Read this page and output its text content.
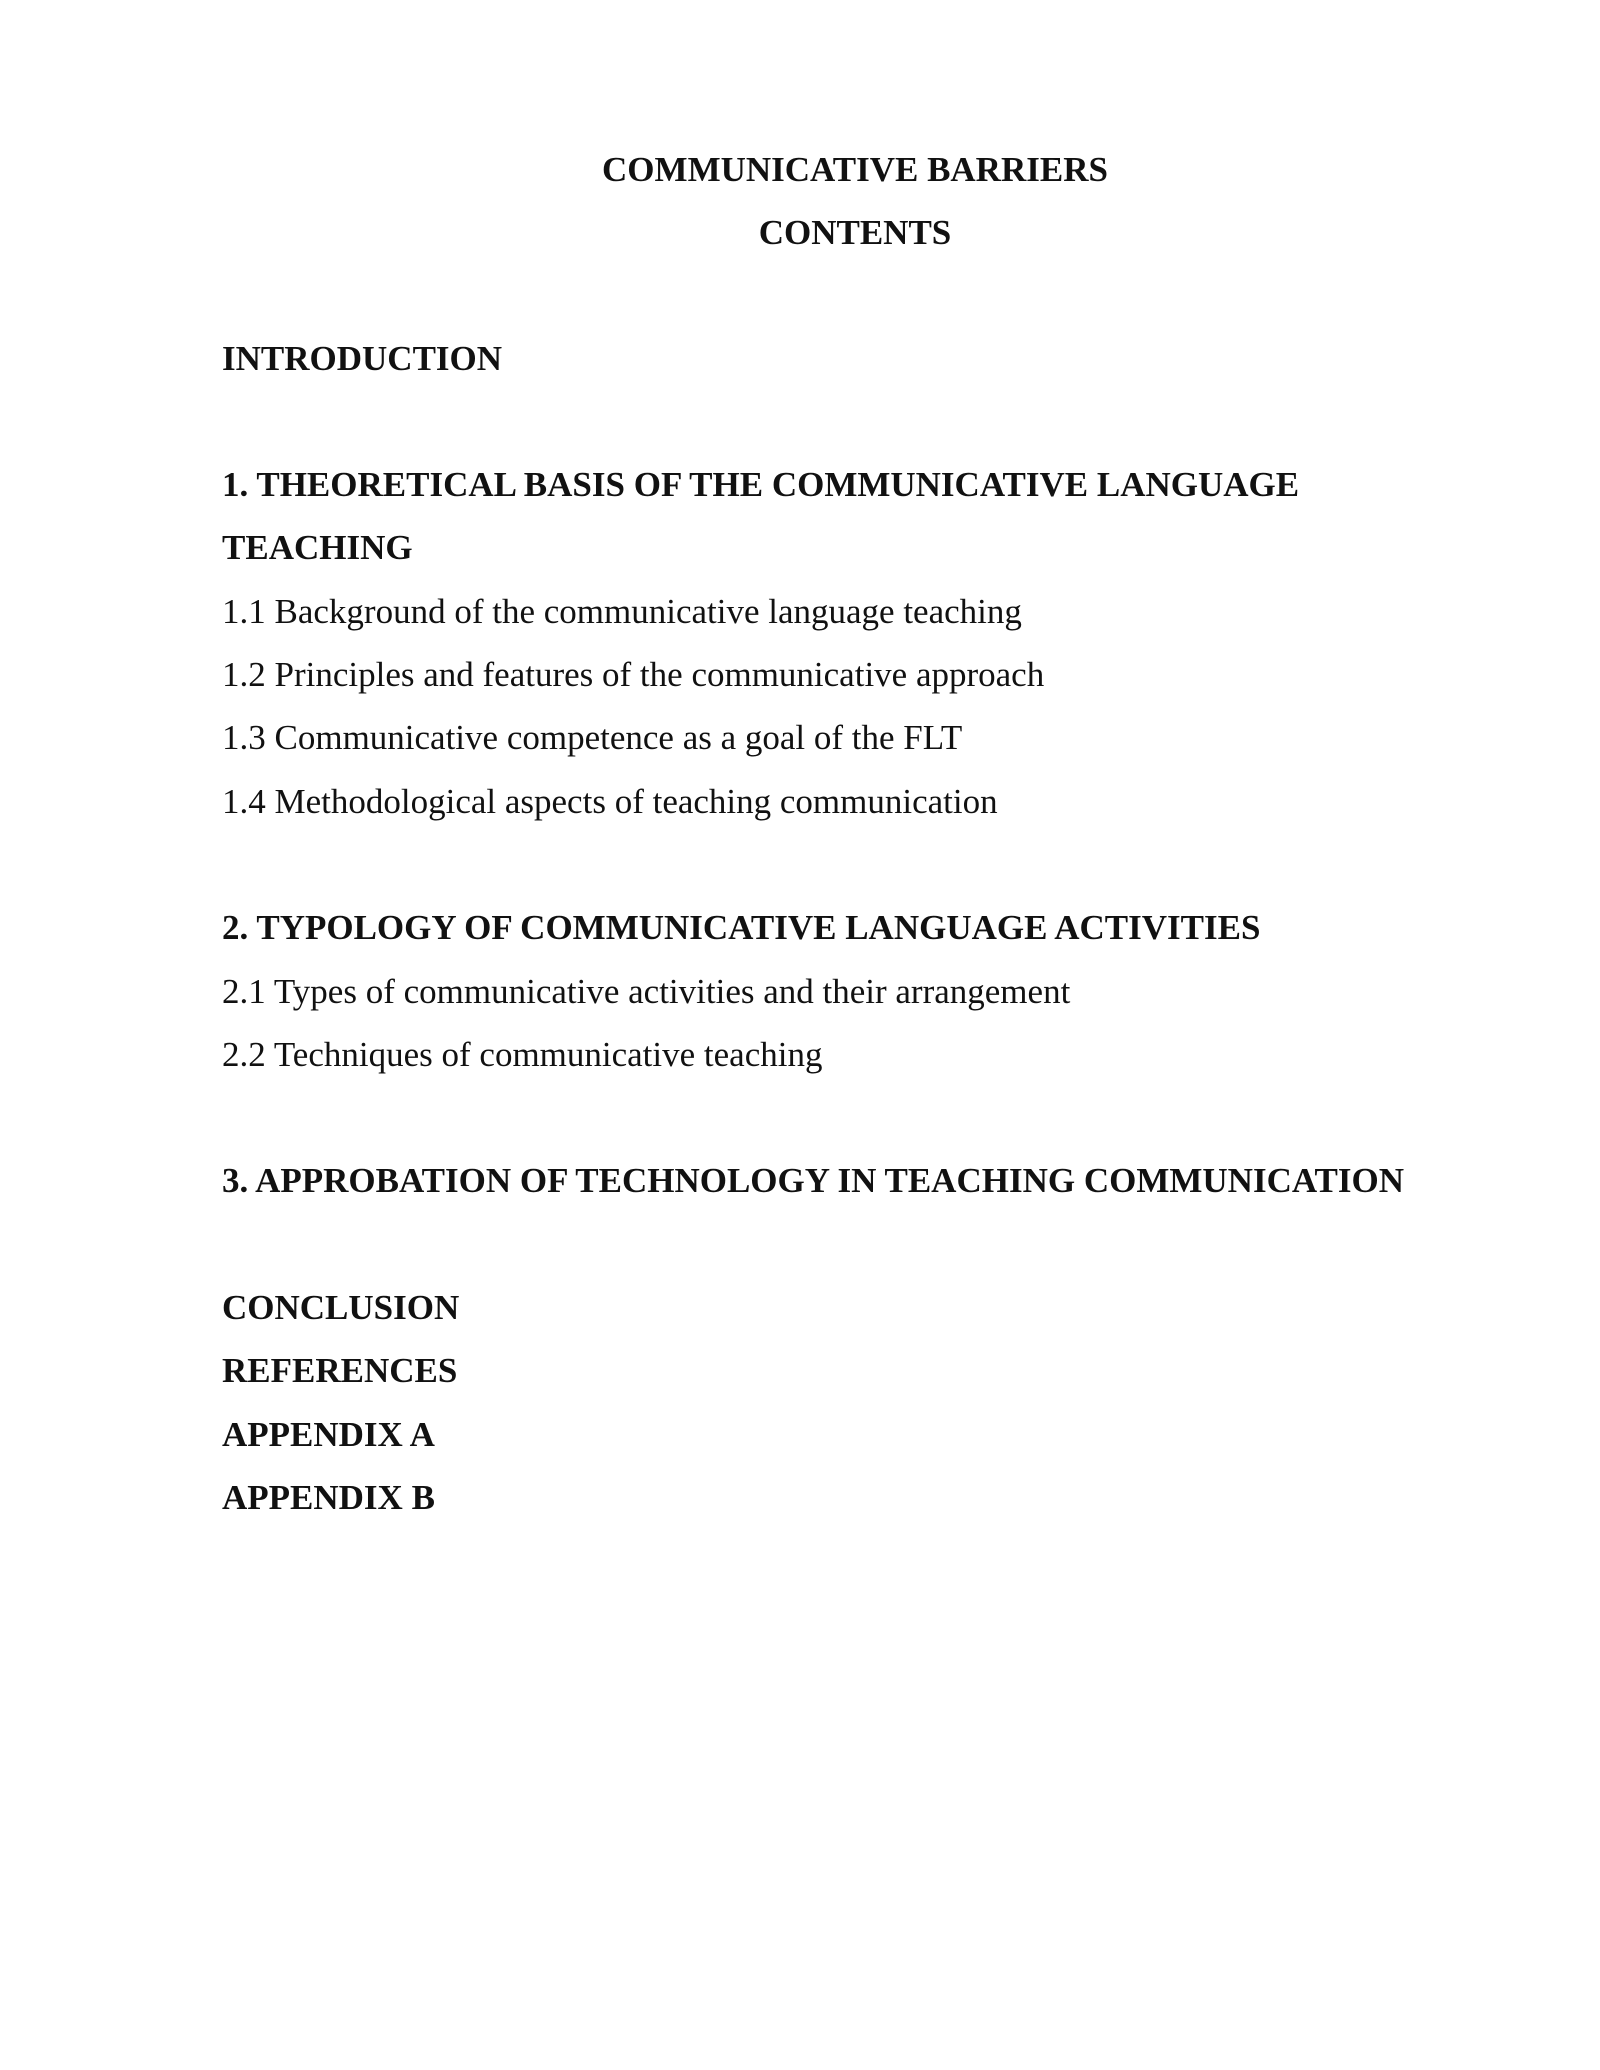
COMMUNICATIVE BARRIERS
CONTENTS
INTRODUCTION
1. THEORETICAL BASIS OF THE COMMUNICATIVE LANGUAGE
TEACHING
1.1 Background of the communicative language teaching
1.2 Principles and features of the communicative approach
1.3 Communicative competence as a goal of the FLT
1.4 Methodological aspects of teaching communication
2. TYPOLOGY OF COMMUNICATIVE LANGUAGE ACTIVITIES
2.1 Types of communicative activities and their arrangement
2.2 Techniques of communicative teaching
3. APPROBATION OF TECHNOLOGY IN TEACHING COMMUNICATION
CONCLUSION
REFERENCES
APPENDIX A
APPENDIX B
